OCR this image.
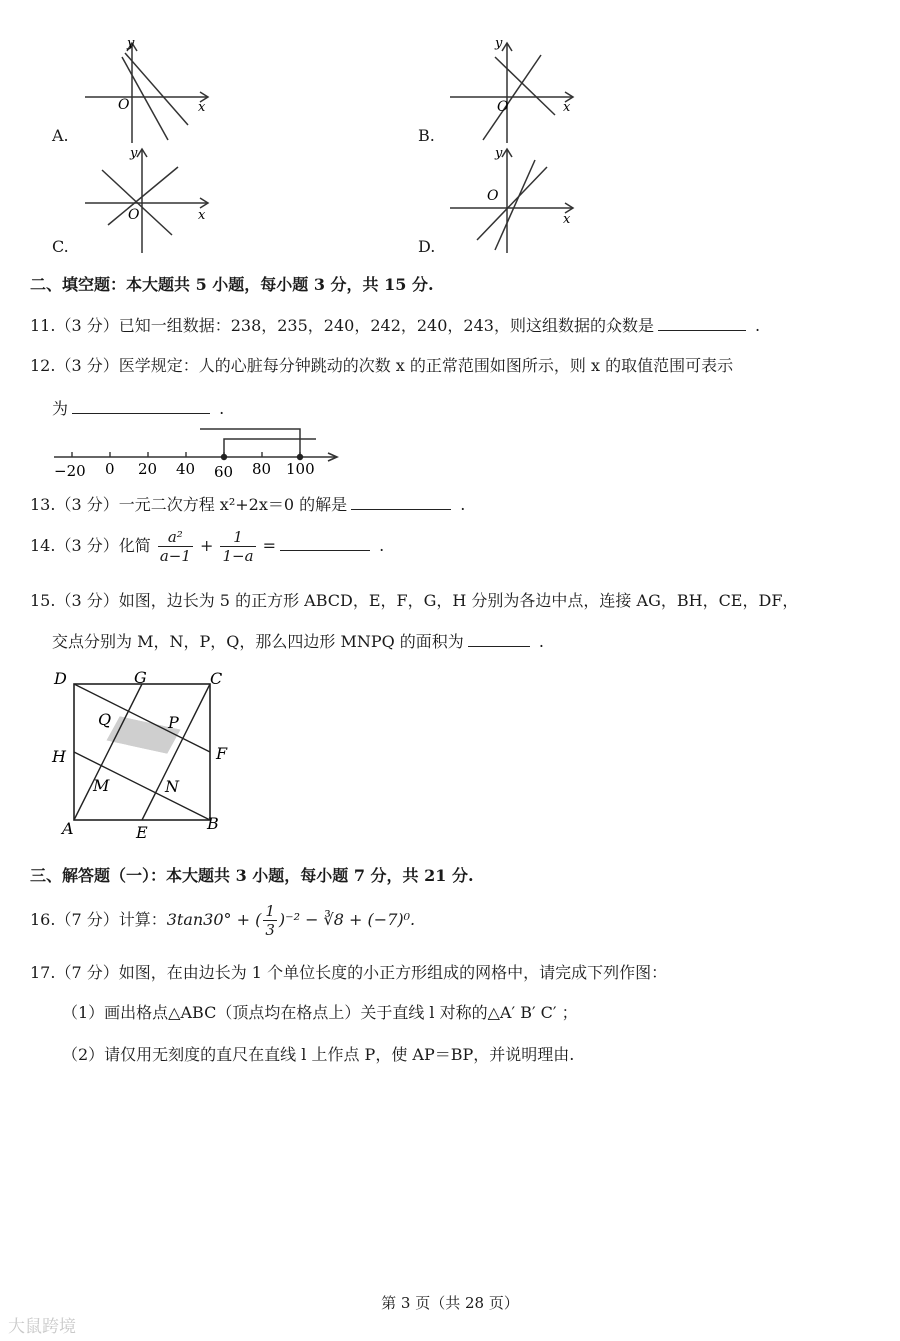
y
x
O
A.
y
x
O
B.
y
x
O
C.
y
x
O
D.
二、填空题：本大题共 5 小题，每小题 3 分，共 15 分.
11.（3 分）已知一组数据：238，235，240，242，240，243，则这组数据的众数是	.
12.（3 分）医学规定：人的心脏每分钟跳动的次数 x 的正常范围如图所示，则 x 的取值范围可表示
为	.
−20 0 20 40 60 80 100
13.（3 分）一元二次方程 x²+2x＝0 的解是	.
14.（3 分）化简 $\frac{\text{a²}}{a-1} + \frac{1}{1-a}$ =	.
15.（3 分）如图，边长为 5 的正方形 ABCD，E，F，G，H 分别为各边中点，连接 AG，BH，CE，DF，
交点分别为 M，N，P，Q，那么四边形 MNPQ 的面积为	.
D	G	C
Q	P
H	F
M	N
A	E	B
三、解答题（一）：本大题共 3 小题，每小题 7 分，共 21 分.
16.（7 分）计算：3tan30° + ( $\frac{1}{3} )^{-2}$ − ∛8 + (−7)⁰.
17.（7 分）如图，在由边长为 1 个单位长度的小正方形组成的网格中，请完成下列作图：
（1）画出格点△ABC（顶点均在格点上）关于直线 l 对称的△A′ B′ C′ ；
（2）请仅用无刻度的直尺在直线 l 上作点 P，使 AP＝BP，并说明理由.
第 3 页（共 28 页）
大鼠跨境
